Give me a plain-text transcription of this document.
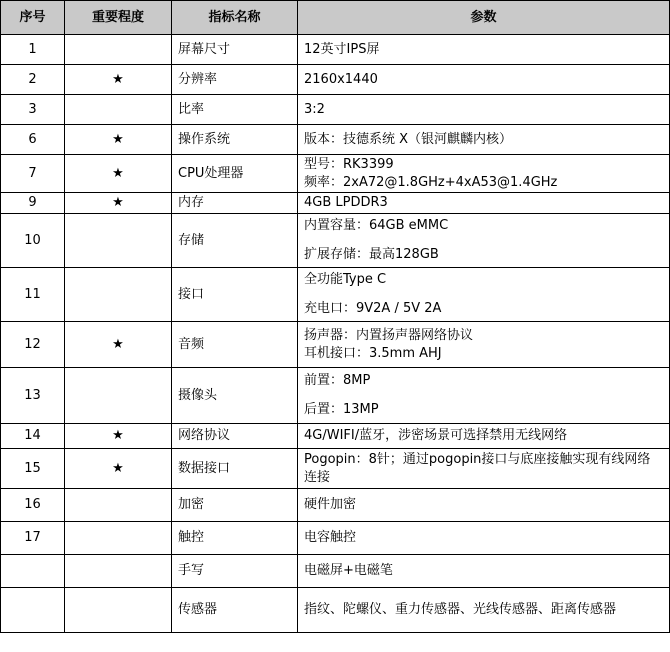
序号	重要程度	指标名称	参数
1		屏幕尺寸	12英寸IPS屏

2	★	分辨率	2160x1440

3		比率	3:2

6	★	操作系统	版本：技德系统 X（银河麒麟内核）

7	★	CPU处理器	型号：RK3399
频率：2xA72@1.8GHz+4xA53@1.4GHz

9	★	内存	4GB LPDDR3

10		存储	内置容量：64GB eMMC
扩展存储：最高128GB

11		接口	全功能Type C
充电口：9V2A / 5V 2A

12	★	音频	扬声器：内置扬声器网络协议
耳机接口：3.5mm AHJ

13		摄像头	前置：8MP
后置：13MP

14	★	网络协议	4G/WIFI/蓝牙，涉密场景可选择禁用无线网络

15	★	数据接口	Pogopin：8针；通过pogopin接口与底座接触实现有线网络连接

16		加密	硬件加密

17		触控	电容触控

		手写	电磁屏+电磁笔

		传感器	指纹、陀螺仪、重力传感器、光线传感器、距离传感器
